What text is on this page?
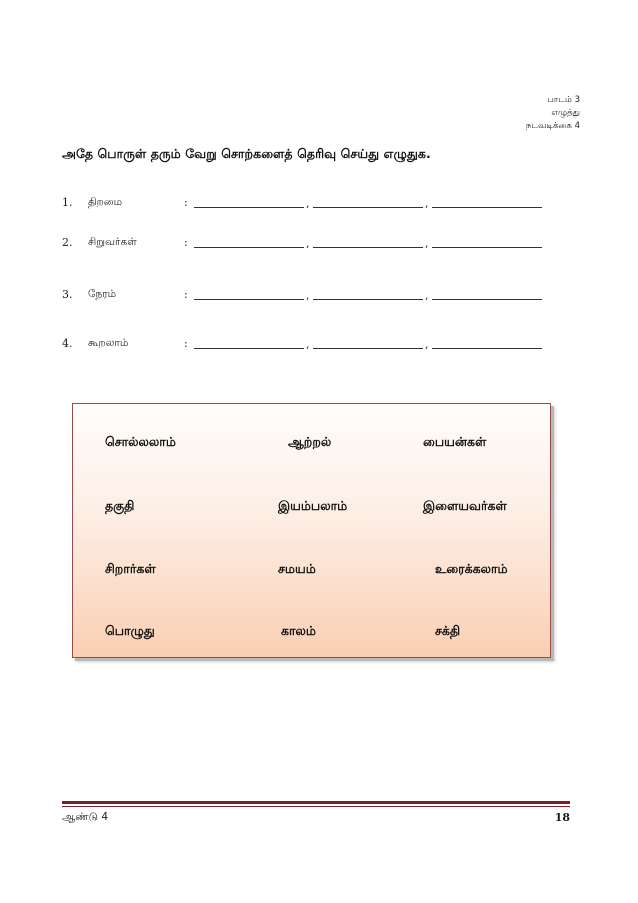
பாடம் 3
எழுத்து
நடவடிக்கை 4
அதே பொருள் தரும் வேறு சொற்களைத் தெரிவு செய்து எழுதுக.
1. திறமை	:	,	,
2. சிறுவர்கள்	:	,	,
3. நேரம்	:	,	,
4. கூறலாம்	:	,	,
சொல்லலாம்	ஆற்றல்	பையன்கள்
தகுதி	இயம்பலாம்	இளையவர்கள்
சிறார்கள்	சமயம்	உரைக்கலாம்
பொழுது	காலம்	சக்தி
ஆண்டு 4	18
